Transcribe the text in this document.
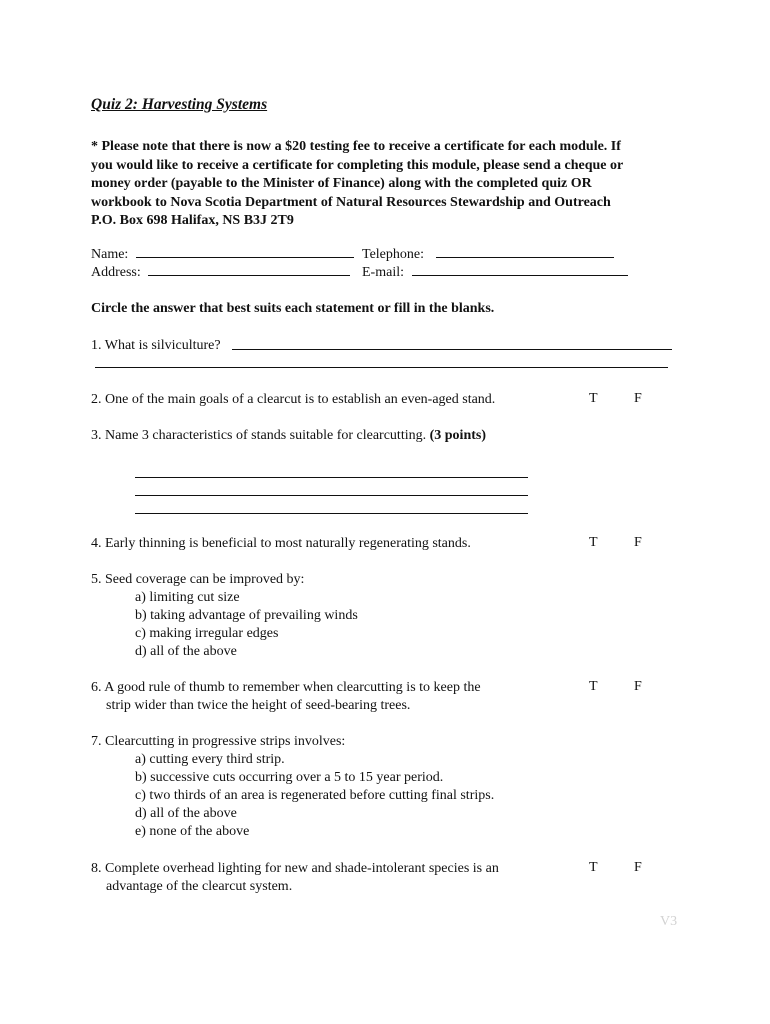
Quiz 2: Harvesting Systems
* Please note that there is now a $20 testing fee to receive a certificate for each module. If
you would like to receive a certificate for completing this module, please send a cheque or
money order (payable to the Minister of Finance) along with the completed quiz OR
workbook to Nova Scotia Department of Natural Resources Stewardship and Outreach
P.O. Box 698 Halifax, NS B3J 2T9
Name:	Telephone:
Address:	E-mail:
Circle the answer that best suits each statement or fill in the blanks.
1. What is silviculture?
2. One of the main goals of a clearcut is to establish an even-aged stand.	T	F
3. Name 3 characteristics of stands suitable for clearcutting. (3 points)
4. Early thinning is beneficial to most naturally regenerating stands.	T	F
5. Seed coverage can be improved by:
a) limiting cut size
b) taking advantage of prevailing winds
c) making irregular edges
d) all of the above
6. A good rule of thumb to remember when clearcutting is to keep the
strip wider than twice the height of seed-bearing trees.
T	F
7. Clearcutting in progressive strips involves:
a) cutting every third strip.
b) successive cuts occurring over a 5 to 15 year period.
c) two thirds of an area is regenerated before cutting final strips.
d) all of the above
e) none of the above
8. Complete overhead lighting for new and shade-intolerant species is an
advantage of the clearcut system.
T	F
V3
